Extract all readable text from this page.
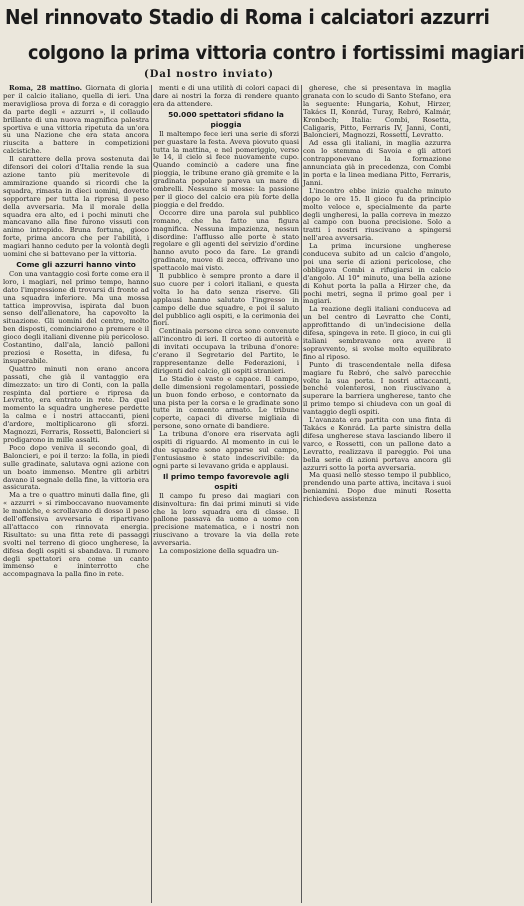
Nel rinnovato Stadio di Roma i calciatori azzurri
colgono la prima vittoria contro i fortissimi magiari
(Dal nostro inviato)

Roma, 28 mattino. Giornata di gloria per il calcio italiano, quella di ieri. Una meravigliosa prova di forza e di coraggio da parte degli « azzurri », il collaudo brillante di una nuova magnifica palestra sportiva e una vittoria ripetuta da un'ora su una Nazione che era stata ancora riuscita a battere in competizioni calcistiche.

Il carattere della prova sostenuta dai difensori dei colori d'Italia rende la sua azione tanto più meritevole di ammirazione quando si ricordi che la squadra, rimasta in dieci uomini, dovette sopportare per tutta la ripresa il peso della avversaria. Ma il morale della squadra era alto, ed i pochi minuti che mancavano alla fine furono vissuti con animo intrepido. Bruna fortuna, gioco forte, prima ancora che per l'abilità, i magiari hanno ceduto per la volontà degli uomini che si battevano per la vittoria.

Come gli azzurri hanno vinto

Con una vantaggio così forte come era il loro, i magiari, nel primo tempo, hanno dato l'impressione di trovarsi di fronte ad una squadra inferiore. Ma una mossa tattica improvvisa, ispirata dal buon senso dell'allenatore, ha capovolto la situazione. Gli uomini del centro, molto ben disposti, cominciarono a premere e il gioco degli italiani divenne più pericoloso. Costantino, dall'ala, lanciò palloni preziosi e Rosetta, in difesa, fu insuperabile.

Quattro minuti non erano ancora passati, che già il vantaggio era dimezzato: un tiro di Conti, con la palla respinta dal portiere e ripresa da Levratto, era entrato in rete. Da quel momento la squadra ungherese perdette la calma e i nostri attaccanti, pieni d'ardore, moltiplicarono gli sforzi. Magnozzi, Ferraris, Rossetti, Baloncieri si prodigarono in mille assalti.

Poco dopo veniva il secondo goal, di Baloncieri, e poi il terzo: la folla, in piedi sulle gradinate, salutava ogni azione con un boato immenso. Mentre gli arbitri davano il segnale della fine, la vittoria era assicurata.

Ma a tre o quattro minuti dalla fine, gli « azzurri » si rimboccavano nuovamente le maniche, e scrollavano di dosso il peso dell'offensiva avversaria e ripartivano all'attacco con rinnovata energia. Risultato: su una fitta rete di passaggi svolti nel terreno di gioco ungherese, la difesa degli ospiti si sbandava. Il rumore degli spettatori era come un canto immenso e ininterrotto che accompagnava la palla fino in rete.

menti e di una utilità di colori capaci di dare ai nostri la forza di rendere quanto era da attendere.

50.000 spettatori sfidano la pioggia

Il maltempo fece ieri una serie di sforzi per guastare la festa. Aveva piovuto quasi tutta la mattina, e nel pomeriggio, verso le 14, il cielo si fece nuovamente cupo. Quando cominciò a cadere una fine pioggia, le tribune erano già gremite e la gradinata popolare pareva un mare di ombrelli. Nessuno si mosse: la passione per il gioco del calcio era più forte della pioggia e del freddo.

Occorre dire una parola sul pubblico romano, che ha fatto una figura magnifica. Nessuna impazienza, nessun disordine: l'afflusso alle porte è stato regolare e gli agenti del servizio d'ordine hanno avuto poco da fare. Le grandi gradinate, nuove di zecca, offrivano uno spettacolo mai visto.

Il pubblico è sempre pronto a dare il suo cuore per i colori italiani, e questa volta lo ha dato senza riserve. Gli applausi hanno salutato l'ingresso in campo delle due squadre, e poi il saluto del pubblico agli ospiti, e la cerimonia dei fiori.

Centinaia persone circa sono convenute all'incontro di ieri. Il corteo di autorità e di invitati occupava la tribuna d'onore: c'erano il Segretario del Partito, le rappresentanze delle Federazioni, i dirigenti del calcio, gli ospiti stranieri.

Lo Stadio è vasto e capace. Il campo, delle dimensioni regolamentari, possiede un buon fondo erboso, e contornato da una pista per la corsa e le gradinate sono tutte in cemento armato. Le tribune coperte, capaci di diverse migliaia di persone, sono ornate di bandiere.

La tribuna d'onore era riservata agli ospiti di riguardo. Al momento in cui le due squadre sono apparse sul campo, l'entusiasmo è stato indescrivibile: da ogni parte si levavano grida e applausi.

Il primo tempo favorevole agli ospiti

Il campo fu preso dai magiari con disinvoltura: fin dai primi minuti si vide che la loro squadra era di classe. Il pallone passava da uomo a uomo con precisione matematica, e i nostri non riuscivano a trovare la via della rete avversaria.

La composizione della squadra un-

gherese, che si presentava in maglia granata con lo scudo di Santo Stefano, era la seguente: Hungaria, Kohut, Hirzer, Takács II, Konrád, Turay, Rebró, Kalmár, Kronbech; Italia: Combi, Rosetta, Caligaris, Pitto, Ferraris IV, Janni, Conti, Baloncieri, Magnozzi, Rossetti, Levratto.

Ad essa gli italiani, in maglia azzurra con lo stemma di Savoia e gli attori contrapponevano la formazione annunciata già in precedenza, con Combi in porta e la linea mediana Pitto, Ferraris, Janni.

L'incontro ebbe inizio qualche minuto dopo le ore 15. Il gioco fu da principio molto veloce e, specialmente da parte degli ungheresi, la palla correva in mezzo al campo con buona precisione. Solo a tratti i nostri riuscivano a spingersi nell'area avversaria.

La prima incursione ungherese conduceva subito ad un calcio d'angolo, poi una serie di azioni pericolose, che obbligava Combi a rifugiarsi in calcio d'angolo. Al 10° minuto, una bella azione di Kohut porta la palla a Hirzer che, da pochi metri, segna il primo goal per i magiari.

La reazione degli italiani conduceva ad un bel centro di Levratto che Conti, approfittando di un'indecisione della difesa, spingeva in rete. Il gioco, in cui gli italiani sembravano ora avere il sopravvento, si svolse molto equilibrato fino al riposo.

Punto di trascendentale nella difesa magiare fu Rebró, che salvò parecchie volte la sua porta. I nostri attaccanti, benché volenterosi, non riuscivano a superare la barriera ungherese, tanto che il primo tempo si chiudeva con un goal di vantaggio degli ospiti.

L'avanzata era partita con una finta di Takács e Konrád. La parte sinistra della difesa ungherese stava lasciando libero il varco, e Rossetti, con un pallone dato a Levratto, realizzava il pareggio. Poi una bella serie di azioni portava ancora gli azzurri sotto la porta avversaria.

Ma quasi nello stesso tempo il pubblico, prendendo una parte attiva, incitava i suoi beniamini. Dopo due minuti Rosetta richiedeva assistenza
